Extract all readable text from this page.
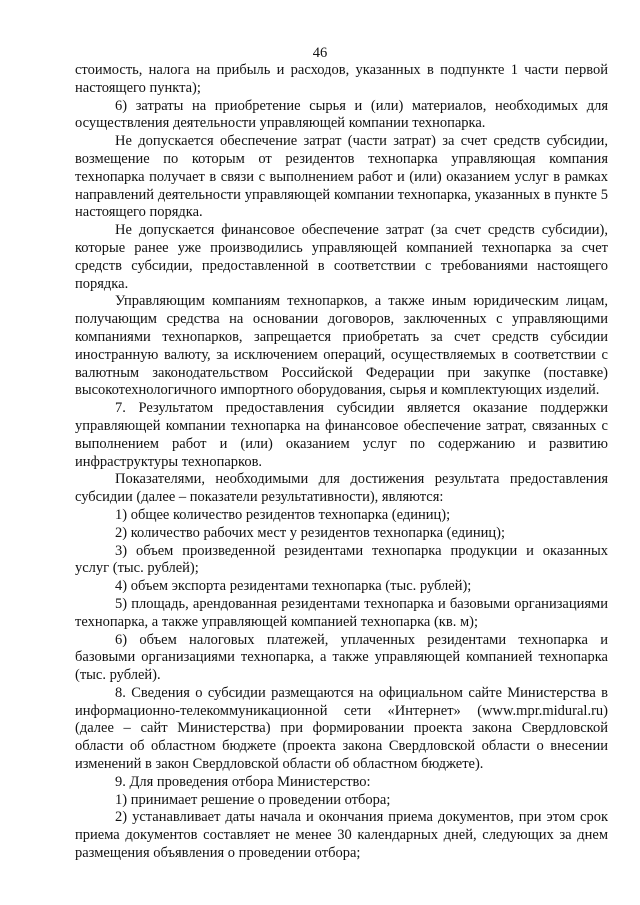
46

стоимость, налога на прибыль и расходов, указанных в подпункте 1 части первой настоящего пункта);

6) затраты на приобретение сырья и (или) материалов, необходимых для осуществления деятельности управляющей компании технопарка.

Не допускается обеспечение затрат (части затрат) за счет средств субсидии, возмещение по которым от резидентов технопарка управляющая компания технопарка получает в связи с выполнением работ и (или) оказанием услуг в рамках направлений деятельности управляющей компании технопарка, указанных в пункте 5 настоящего порядка.

Не допускается финансовое обеспечение затрат (за счет средств субсидии), которые ранее уже производились управляющей компанией технопарка за счет средств субсидии, предоставленной в соответствии с требованиями настоящего порядка.

Управляющим компаниям технопарков, а также иным юридическим лицам, получающим средства на основании договоров, заключенных с управляющими компаниями технопарков, запрещается приобретать за счет средств субсидии иностранную валюту, за исключением операций, осуществляемых в соответствии с валютным законодательством Российской Федерации при закупке (поставке) высокотехнологичного импортного оборудования, сырья и комплектующих изделий.

7. Результатом предоставления субсидии является оказание поддержки управляющей компании технопарка на финансовое обеспечение затрат, связанных с выполнением работ и (или) оказанием услуг по содержанию и развитию инфраструктуры технопарков.

Показателями, необходимыми для достижения результата предоставления субсидии (далее – показатели результативности), являются:

1) общее количество резидентов технопарка (единиц);

2) количество рабочих мест у резидентов технопарка (единиц);

3) объем произведенной резидентами технопарка продукции и оказанных услуг (тыс. рублей);

4) объем экспорта резидентами технопарка (тыс. рублей);

5) площадь, арендованная резидентами технопарка и базовыми организациями технопарка, а также управляющей компанией технопарка (кв. м);

6) объем налоговых платежей, уплаченных резидентами технопарка и базовыми организациями технопарка, а также управляющей компанией технопарка (тыс. рублей).

8. Сведения о субсидии размещаются на официальном сайте Министерства в информационно-телекоммуникационной сети «Интернет» (www.mpr.midural.ru) (далее – сайт Министерства) при формировании проекта закона Свердловской области об областном бюджете (проекта закона Свердловской области о внесении изменений в закон Свердловской области об областном бюджете).

9. Для проведения отбора Министерство:

1) принимает решение о проведении отбора;

2) устанавливает даты начала и окончания приема документов, при этом срок приема документов составляет не менее 30 календарных дней, следующих за днем размещения объявления о проведении отбора;
